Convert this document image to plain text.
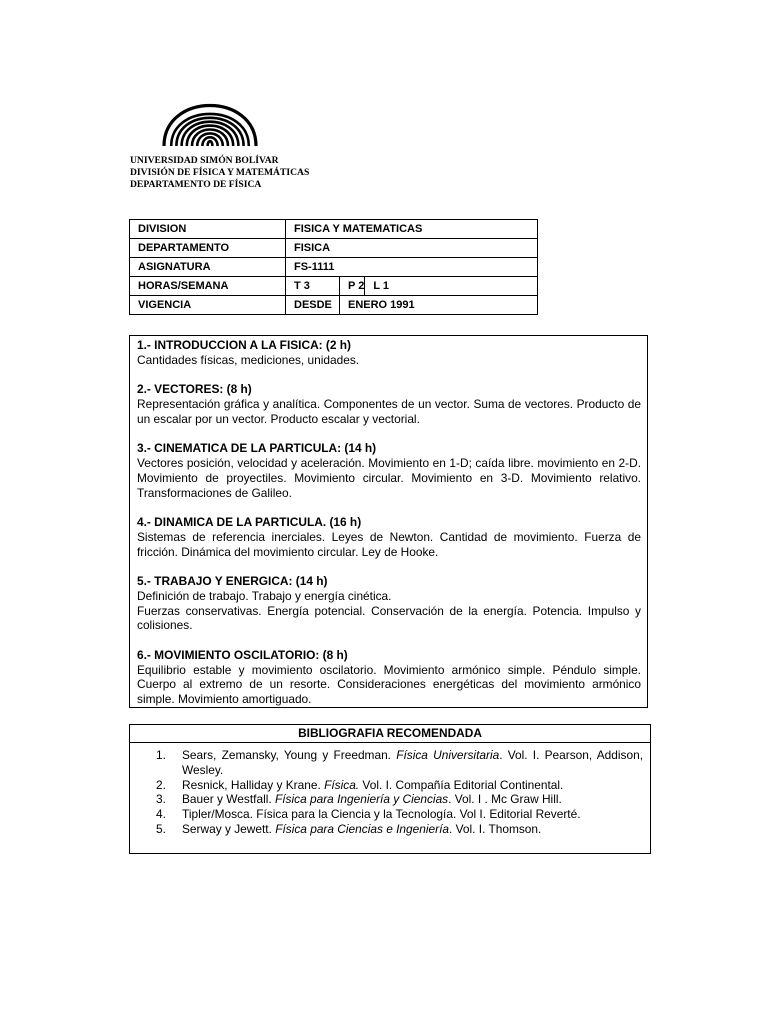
UNIVERSIDAD SIMÓN BOLÍVAR
DIVISIÓN DE FÍSICA Y MATEMÁTICAS
DEPARTAMENTO DE FÍSICA
DIVISION	FISICA Y MATEMATICAS		
DEPARTAMENTO	FISICA		
ASIGNATURA	FS-1111		
HORAS/SEMANA	T 3	P 2	L 1
VIGENCIA	DESDE	ENERO 1991	
1.- INTRODUCCION A LA FISICA: (2 h)

Cantidades físicas, mediciones, unidades.

2.- VECTORES: (8 h)

Representación gráfica y analítica. Componentes de un vector. Suma de vectores. Producto de un escalar por un vector. Producto escalar y vectorial.

3.- CINEMATICA DE LA PARTICULA: (14 h)

Vectores posición, velocidad y aceleración. Movimiento en 1-D; caída libre. movimiento en 2-D. Movimiento de proyectiles. Movimiento circular. Movimiento en 3-D. Movimiento relativo. Transformaciones de Galileo.

4.- DINAMICA DE LA PARTICULA. (16 h)

Sistemas de referencia inerciales. Leyes de Newton. Cantidad de movimiento. Fuerza de fricción. Dinámica del movimiento circular. Ley de Hooke.

5.- TRABAJO Y ENERGICA: (14 h)

Definición de trabajo. Trabajo y energía cinética.

Fuerzas conservativas. Energía potencial. Conservación de la energía. Potencia. Impulso y colisiones.

6.- MOVIMIENTO OSCILATORIO: (8 h)

Equilibrio estable y movimiento oscilatorio. Movimiento armónico simple. Péndulo simple. Cuerpo al extremo de un resorte. Consideraciones energéticas del movimiento armónico simple. Movimiento amortiguado.

BIBLIOGRAFIA RECOMENDADA
1.	Sears, Zemansky, Young y Freedman. Física Universitaria. Vol. I. Pearson, Addison, Wesley.
2.	Resnick, Halliday y Krane. Física. Vol. I. Compañía Editorial Continental.
3.	Bauer y Westfall. Física para Ingeniería y Ciencias. Vol. I . Mc Graw Hill.
4.	Tipler/Mosca. Física para la Ciencia y la Tecnología. Vol I. Editorial Reverté.
5.	Serway y Jewett. Física para Ciencias e Ingeniería. Vol. I. Thomson.
